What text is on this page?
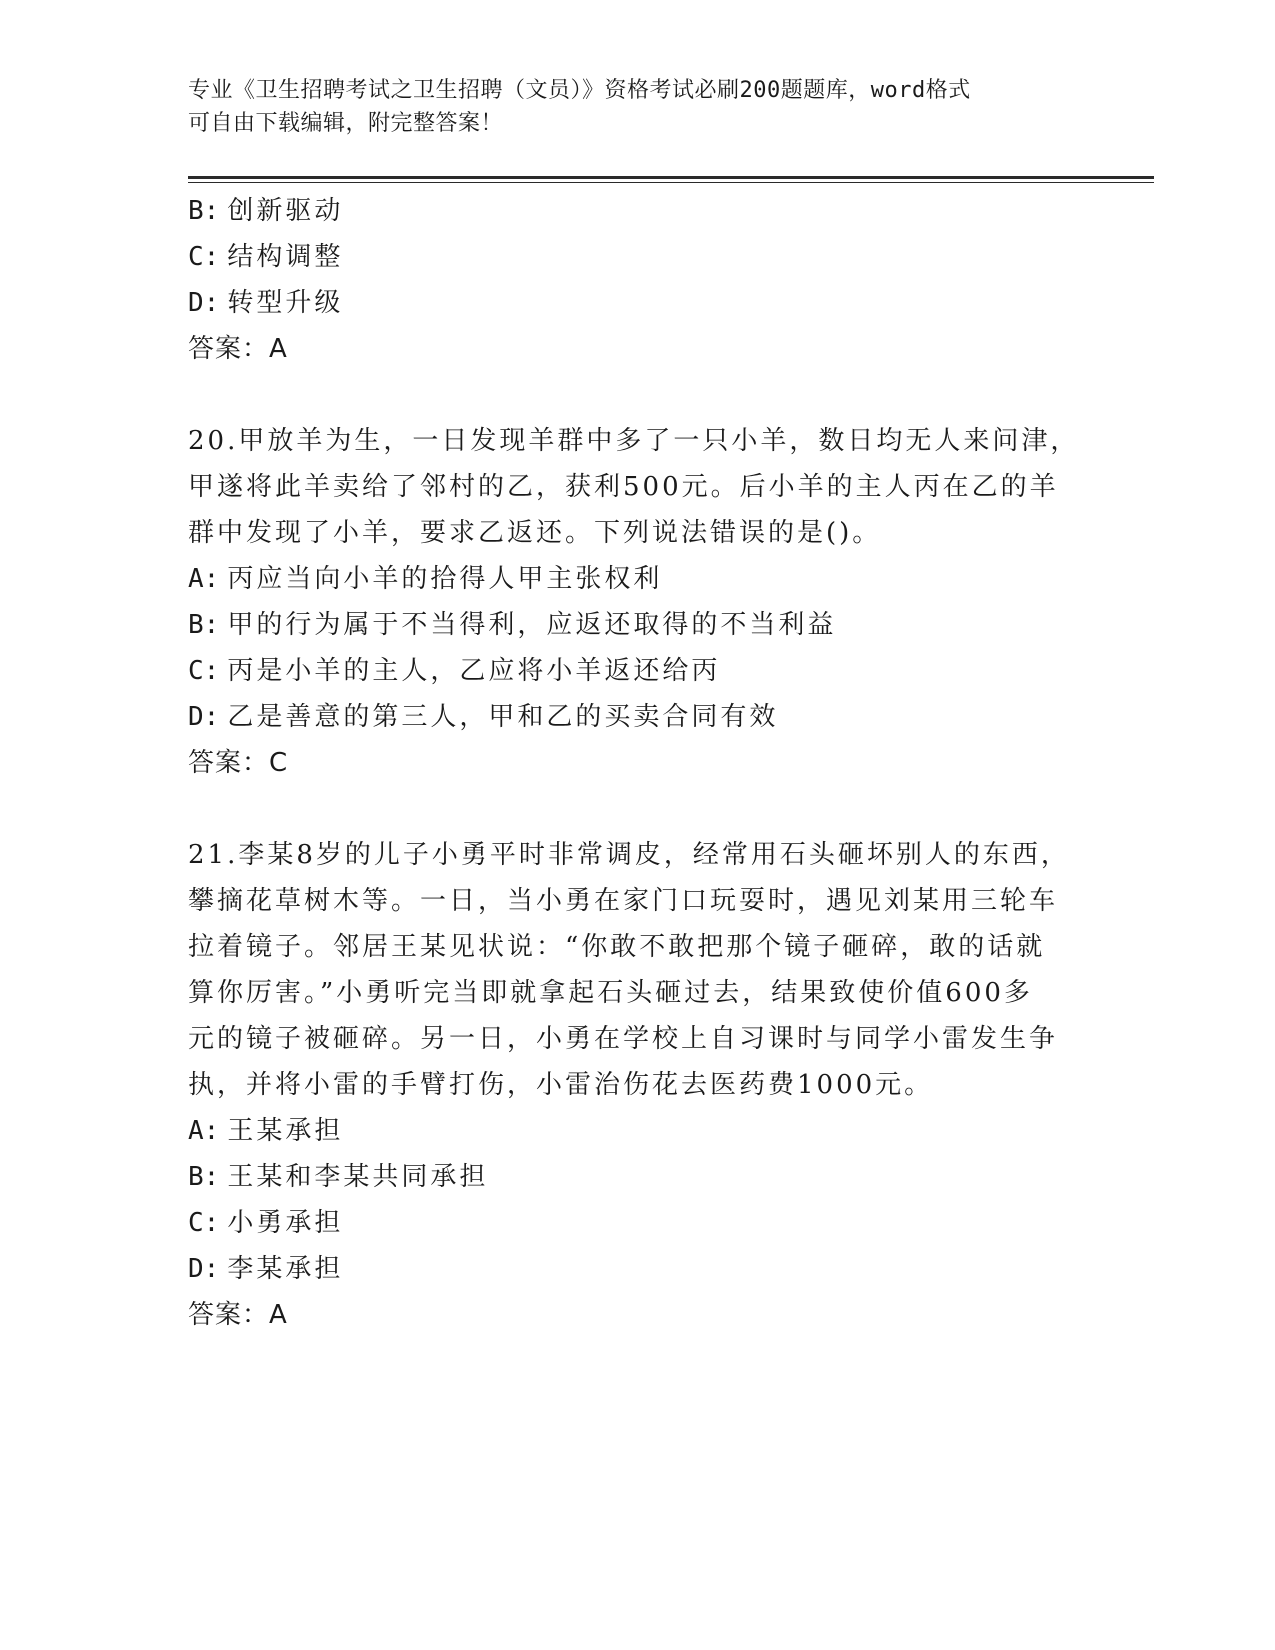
专业《卫生招聘考试之卫生招聘（文员）》资格考试必刷200题题库，word格式
可自由下载编辑，附完整答案！
B: 创新驱动
C: 结构调整
D: 转型升级
答案：A
20.甲放羊为生，一日发现羊群中多了一只小羊，数日均无人来问津，
甲遂将此羊卖给了邻村的乙，获利500元。后小羊的主人丙在乙的羊
群中发现了小羊，要求乙返还。下列说法错误的是()。
A: 丙应当向小羊的拾得人甲主张权利
B: 甲的行为属于不当得利，应返还取得的不当利益
C: 丙是小羊的主人，乙应将小羊返还给丙
D: 乙是善意的第三人，甲和乙的买卖合同有效
答案：C
21.李某8岁的儿子小勇平时非常调皮，经常用石头砸坏别人的东西，
攀摘花草树木等。一日，当小勇在家门口玩耍时，遇见刘某用三轮车
拉着镜子。邻居王某见状说：“你敢不敢把那个镜子砸碎，敢的话就
算你厉害。”小勇听完当即就拿起石头砸过去，结果致使价值600多
元的镜子被砸碎。另一日，小勇在学校上自习课时与同学小雷发生争
执，并将小雷的手臂打伤，小雷治伤花去医药费1000元。
A: 王某承担
B: 王某和李某共同承担
C: 小勇承担
D: 李某承担
答案：A
